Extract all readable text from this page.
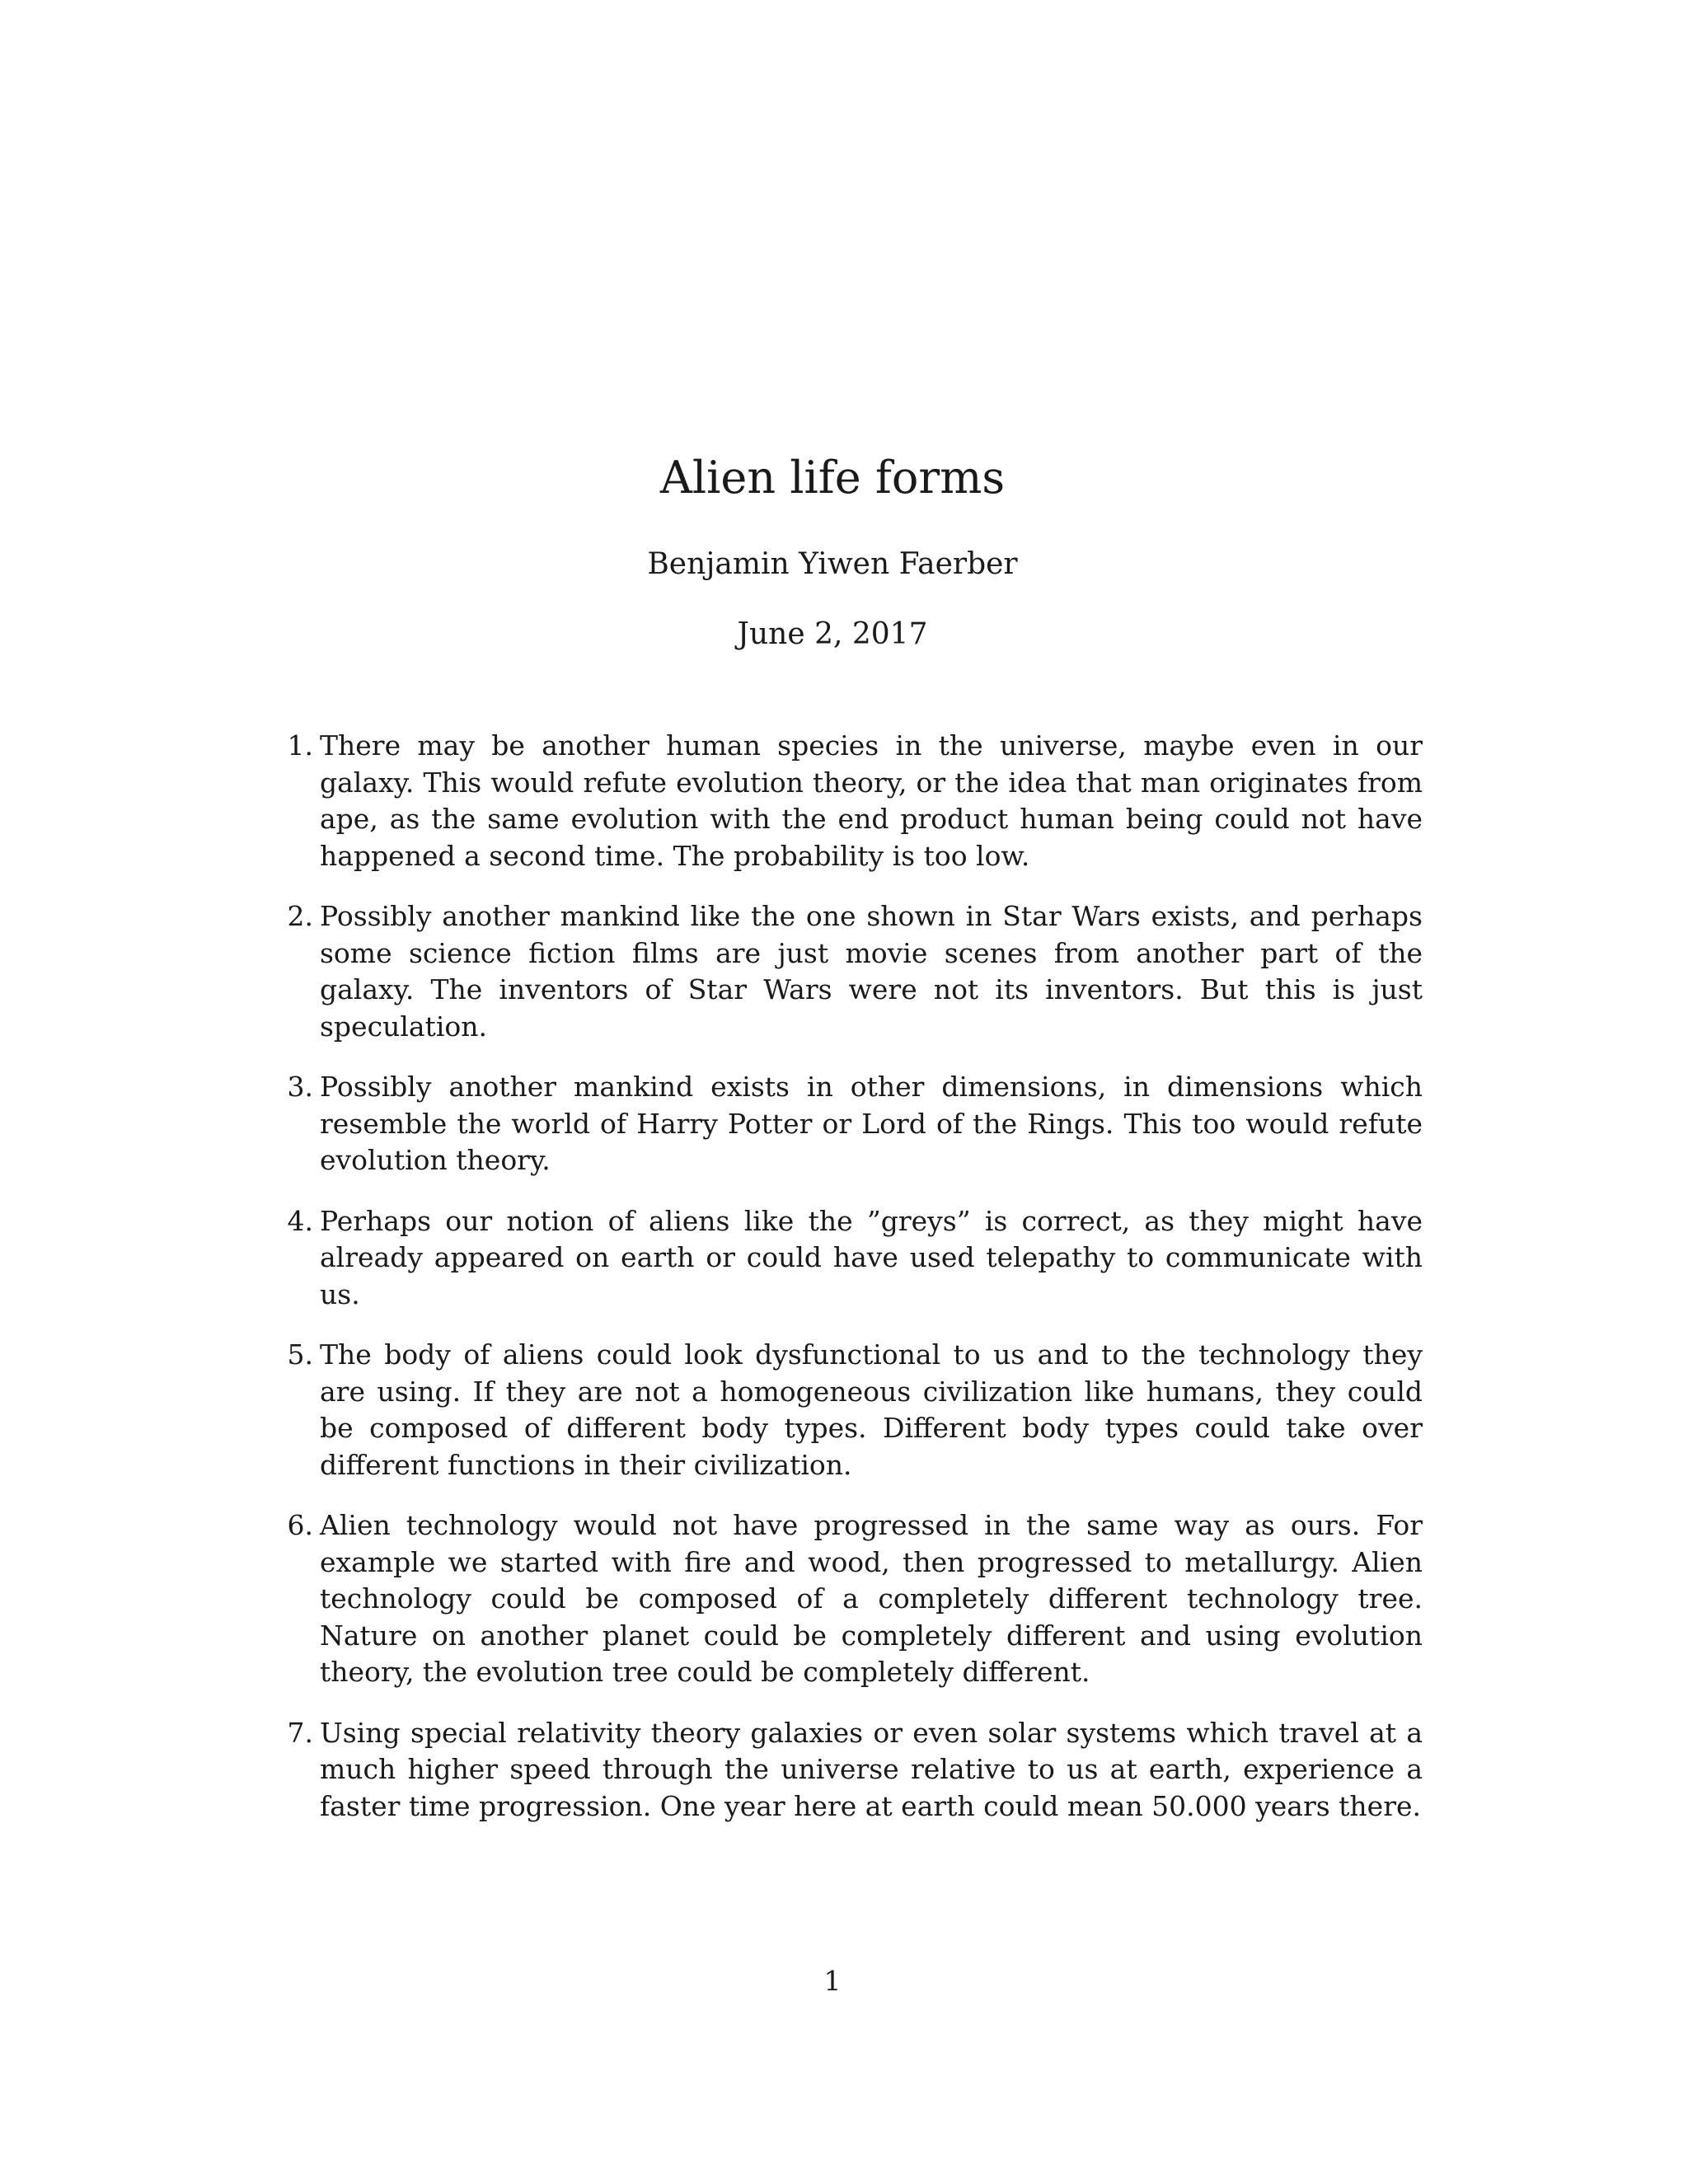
Alien life forms
Benjamin Yiwen Faerber
June 2, 2017
1. There may be another human species in the universe, maybe even in our galaxy. This would refute evolution theory, or the idea that man originates from ape, as the same evolution with the end product human being could not have happened a second time. The probability is too low.
2. Possibly another mankind like the one shown in Star Wars exists, and perhaps some science fiction films are just movie scenes from another part of the galaxy. The inventors of Star Wars were not its inventors. But this is just speculation.
3. Possibly another mankind exists in other dimensions, in dimensions which resemble the world of Harry Potter or Lord of the Rings. This too would refute evolution theory.
4. Perhaps our notion of aliens like the ”greys” is correct, as they might have already appeared on earth or could have used telepathy to communicate with us.
5. The body of aliens could look dysfunctional to us and to the technology they are using. If they are not a homogeneous civilization like humans, they could be composed of different body types. Different body types could take over different functions in their civilization.
6. Alien technology would not have progressed in the same way as ours. For example we started with fire and wood, then progressed to metallurgy. Alien technology could be composed of a completely different technology tree. Nature on another planet could be completely different and using evolution theory, the evolution tree could be completely different.
7. Using special relativity theory galaxies or even solar systems which travel at a much higher speed through the universe relative to us at earth, experience a faster time progression. One year here at earth could mean 50.000 years there.
1
